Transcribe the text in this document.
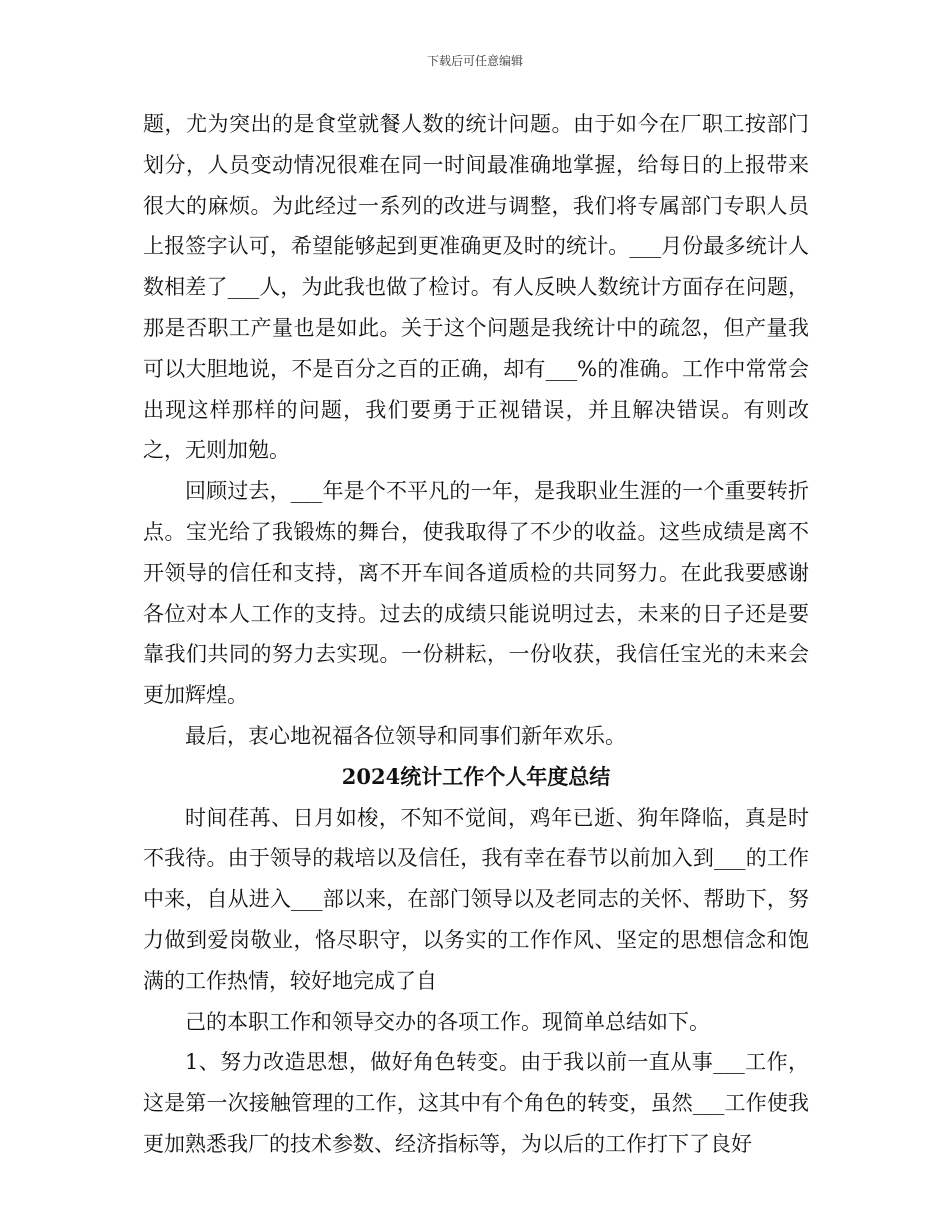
下载后可任意编辑

题，尤为突出的是食堂就餐人数的统计问题。由于如今在厂职工按部门划分，人员变动情况很难在同一时间最准确地掌握，给每日的上报带来很大的麻烦。为此经过一系列的改进与调整，我们将专属部门专职人员上报签字认可，希望能够起到更准确更及时的统计。___月份最多统计人数相差了___人，为此我也做了检讨。有人反映人数统计方面存在问题，那是否职工产量也是如此。关于这个问题是我统计中的疏忽，但产量我可以大胆地说，不是百分之百的正确，却有___%的准确。工作中常常会出现这样那样的问题，我们要勇于正视错误，并且解决错误。有则改之，无则加勉。

回顾过去，___年是个不平凡的一年，是我职业生涯的一个重要转折点。宝光给了我锻炼的舞台，使我取得了不少的收益。这些成绩是离不开领导的信任和支持，离不开车间各道质检的共同努力。在此我要感谢各位对本人工作的支持。过去的成绩只能说明过去，未来的日子还是要靠我们共同的努力去实现。一份耕耘，一份收获，我信任宝光的未来会更加辉煌。

最后，衷心地祝福各位领导和同事们新年欢乐。

2024统计工作个人年度总结

时间荏苒、日月如梭，不知不觉间，鸡年已逝、狗年降临，真是时不我待。由于领导的栽培以及信任，我有幸在春节以前加入到___的工作中来，自从进入___部以来，在部门领导以及老同志的关怀、帮助下，努力做到爱岗敬业，恪尽职守，以务实的工作作风、坚定的思想信念和饱满的工作热情，较好地完成了自

己的本职工作和领导交办的各项工作。现简单总结如下。

1、努力改造思想，做好角色转变。由于我以前一直从事___工作，这是第一次接触管理的工作，这其中有个角色的转变，虽然___工作使我更加熟悉我厂的技术参数、经济指标等，为以后的工作打下了良好
